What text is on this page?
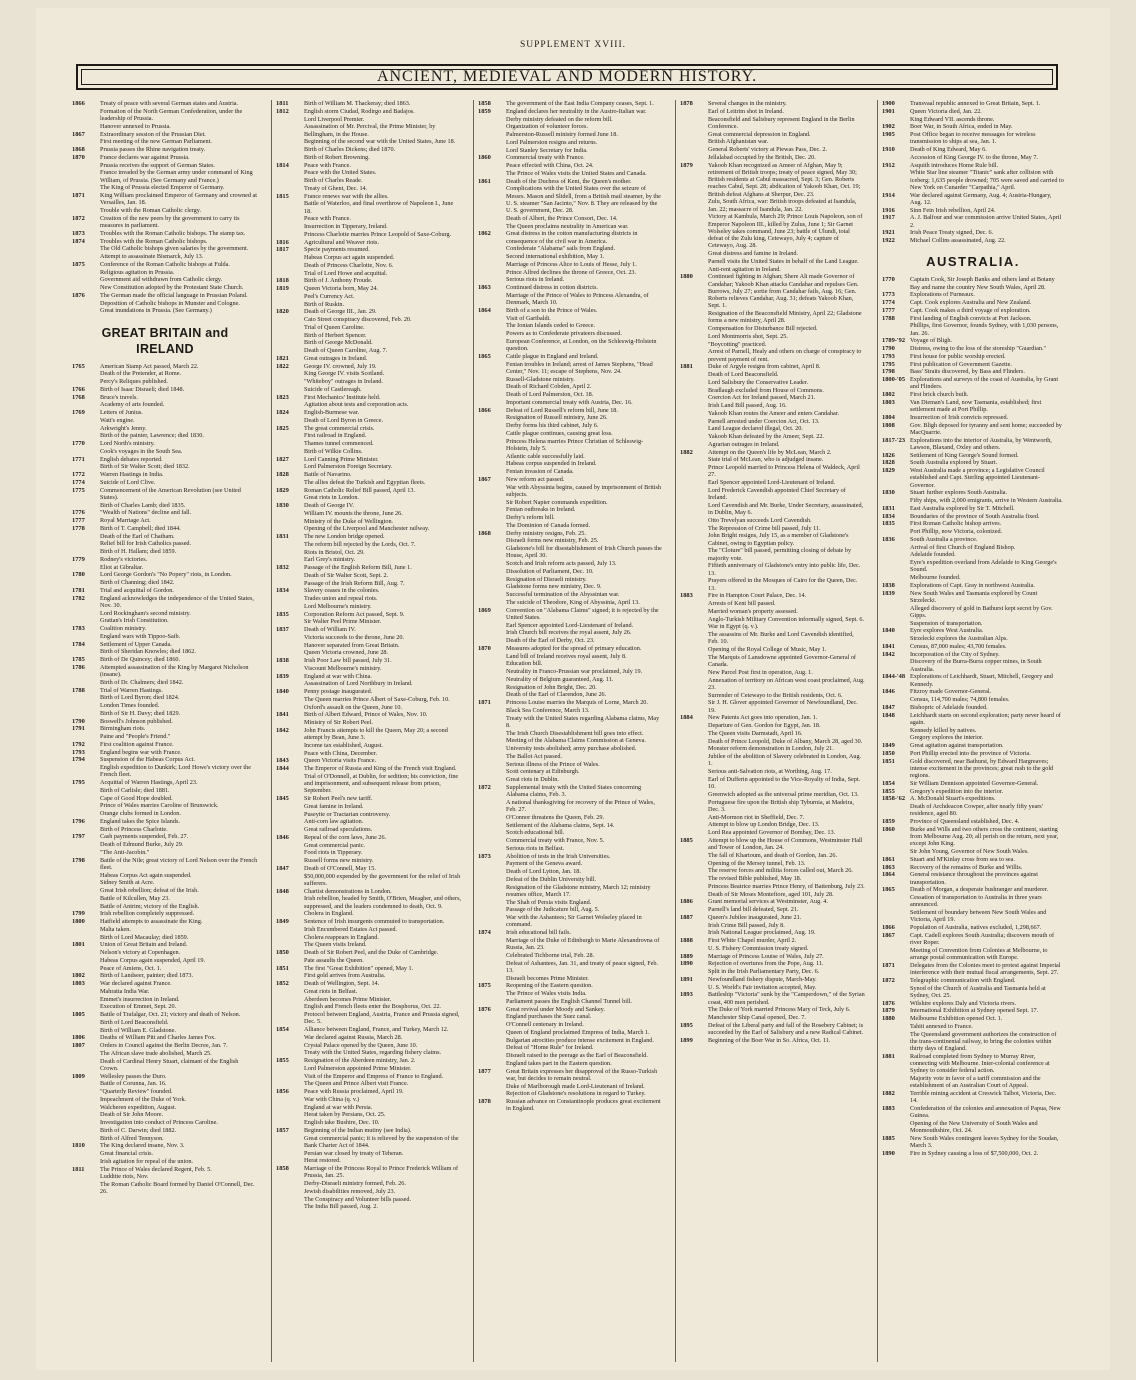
SUPPLEMENT XVIII.
ANCIENT, MEDIEVAL AND MODERN HISTORY.
1866	Treaty of peace with several German states and Austria.
Formation of the North German Confederation, under the leadership of Prussia.
Hanover annexed to Prussia.
1867	Extraordinary session of the Prussian Diet.
First meeting of the new German Parliament.
1868	Prussia passes the Rhine navigation treaty.
1870	France declares war against Prussia.
Prussia receives the support of German States.
France invaded by the German army under command of King William, of Prussia. (See Germany and France.)
The King of Prussia elected Emperor of Germany.
1871	King William proclaimed Emperor of Germany and crowned at Versailles, Jan. 18.
Trouble with the Roman Catholic clergy.
1872	Creation of the new peers by the government to carry its measures in parliament.
1873	Troubles with the Roman Catholic bishops. The stamp tax.
1874	Troubles with the Roman Catholic bishops.
The Old Catholic bishops given salaries by the government.
Attempt to assassinate Bismarck, July 13.
1875	Conference of the Roman Catholic bishops at Fulda.
Religious agitation in Prussia.
Government aid withdrawn from Catholic clergy.
New Constitution adopted by the Protestant State Church.
1876	The German made the official language in Prussian Poland.
Deposition of Catholic bishops in Munster and Cologne.
Great inundations in Prussia. (See Germany.)
GREAT BRITAIN and IRELAND
1765	American Stamp Act passed, March 22.
Death of the Pretender, at Rome.
Percy's Reliques published.
1766	Birth of Isaac Disraeli; died 1848.
1768	Bruce's travels.
Academy of arts founded.
1769	Letters of Junius.
Watt's engine.
Arkwright's Jenny.
Birth of the painter, Lawrence; died 1830.
1770	Lord North's ministry.
Cook's voyages in the South Sea.
1771	English debates reported.
Birth of Sir Walter Scott; died 1832.
1772	Warren Hastings in India.
1774	Suicide of Lord Clive.
1775	Commencement of the American Revolution (see United States).
Birth of Charles Lamb; died 1835.
1776	"Wealth of Nations" decline and fall.
1777	Royal Marriage Act.
1778	Birth of T. Campbell; died 1844.
Death of the Earl of Chatham.
Relief bill for Irish Catholics passed.
Birth of H. Hallam; died 1859.
1779	Rodney's victories.
Eliot at Gibraltar.
1780	Lord George Gordon's "No Popery" riots, in London.
Birth of Channing; died 1842.
1781	Trial and acquittal of Gordon.
1782	England acknowledges the independence of the United States, Nov. 30.
Lord Rockingham's second ministry.
Grattan's Irish Constitution.
1783	Coalition ministry.
England wars with Tippoo-Saib.
1784	Settlement of Upper Canada.
Birth of Sheridan Knowles; died 1862.
1785	Birth of De Quincey; died 1860.
1786	Attempted assassination of the King by Margaret Nicholson (insane).
Birth of Dr. Chalmers; died 1842.
1788	Trial of Warren Hastings.
Birth of Lord Byron; died 1824.
London Times founded.
Birth of Sir H. Davy; died 1829.
1790	Boswell's Johnson published.
1791	Birmingham riots.
Paine and "People's Friend."
1792	First coalition against France.
1793	England begins war with France.
1794	Suspension of the Habeas Corpus Act.
English expedition to Dunkirk; Lord Howe's victory over the French fleet.
1795	Acquittal of Warren Hastings, April 23.
Birth of Carlisle; died 1881.
Cape of Good Hope doubled.
Prince of Wales marries Caroline of Brunswick.
Orange clubs formed in London.
1796	England takes the Spice Islands.
Birth of Princess Charlotte.
1797	Cash payments suspended, Feb. 27.
Death of Edmund Burke, July 29.
"The Anti-Jacobin."
1798	Battle of the Nile; great victory of Lord Nelson over the French fleet.
Habeas Corpus Act again suspended.
Sidney Smith at Acre.
Great Irish rebellion; defeat of the Irish.
Battle of Kilcullen, May 23.
Battle of Antrim; victory of the English.
1799	Irish rebellion completely suppressed.
1800	Hatfield attempts to assassinate the King.
Malta taken.
Birth of Lord Macaulay; died 1859.
1801	Union of Great Britain and Ireland.
Nelson's victory at Copenhagen.
Habeas Corpus again suspended, April 19.
Peace of Amiens, Oct. 1.
1802	Birth of Landseer, painter; died 1873.
1803	War declared against France.
Mahratta India War.
Emmet's insurrection in Ireland.
Execution of Emmet, Sept. 20.
1805	Battle of Trafalgar, Oct. 21; victory and death of Nelson.
Birth of Lord Beaconsfield.
Birth of William E. Gladstone.
1806	Deaths of William Pitt and Charles James Fox.
1807	Orders in Council against the Berlin Decree, Jan. 7.
The African slave trade abolished, March 25.
Death of Cardinal Henry Stuart, claimant of the English Crown.
1809	Wellesley passes the Duro.
Battle of Corunna, Jan. 16.
"Quarterly Review" founded.
Impeachment of the Duke of York.
Walcheren expedition, August.
Death of Sir John Moore.
Investigation into conduct of Princess Caroline.
Birth of C. Darwin; died 1882.
Birth of Alfred Tennyson.
1810	The King declared insane, Nov. 3.
Great financial crisis.
Irish agitation for repeal of the union.
1811	The Prince of Wales declared Regent, Feb. 5.
Ludditte riots, Nov.
The Roman Catholic Board formed by Daniel O'Connell, Dec. 26.
1811	Birth of William M. Thackeray; died 1863.
1812	English storm Ciudad, Rodirgo and Badajos.
Lord Liverpool Premier.
Assassination of Mr. Percival, the Prime Minister, by Bellingham, in the House.
Beginning of the second war with the United States, June 18.
Birth of Charles Dickens; died 1870.
Birth of Robert Browning.
1814	Peace with France.
Peace with the United States.
Birth of Charles Reade.
Treaty of Ghent, Dec. 14.
1815	France renews war with the allies.
Battle of Waterloo, and final overthrow of Napoleon I., June 18.
Peace with France.
Insurrection in Tipperary, Ireland.
Princess Charlotte marries Prince Leopold of Saxe-Coburg.
1816	Agricultural and Weaver riots.
1817	Specie payments resumed.
Habeas Corpus act again suspended.
Death of Princess Charlotte, Nov. 6.
Trial of Lord Howe and acquittal.
1818	Birth of J. Anthony Froude.
1819	Queen Victoria born, May 24.
Peel's Currency Act.
Birth of Ruskin.
1820	Death of George III., Jan. 29.
Cato Street conspiracy discovered, Feb. 20.
Trial of Queen Caroline.
Birth of Herbert Spencer.
Birth of George McDonald.
Death of Queen Caroline, Aug. 7.
1821	Great outrages in Ireland.
1822	George IV. crowned, July 19.
King George IV. visits Scotland.
"Whiteboy" outrages in Ireland.
Suicide of Castlereagh.
1823	First Mechanics' Institute held.
Agitation about tests and corporation acts.
1824	English-Burmese war.
Death of Lord Byron in Greece.
1825	The great commercial crisis.
First railroad in England.
Thames tunnel commenced.
Birth of Wilkie Collins.
1827	Lord Canning Prime Minister.
Lord Palmerston Foreign Secretary.
1828	Battle of Navarino.
The allies defeat the Turkish and Egyptian fleets.
1829	Roman Catholic Relief Bill passed, April 13.
Great riots in London.
1830	Death of George IV.
William IV. mounts the throne, June 26.
Ministry of the Duke of Wellington.
Opening of the Liverpool and Manchester railway.
1831	The new London bridge opened.
The reform bill rejected by the Lords, Oct. 7.
Riots in Bristol, Oct. 29.
Earl Grey's ministry.
1832	Passage of the English Reform Bill, June 1.
Death of Sir Walter Scott, Sept. 2.
Passage of the Irish Reform Bill, Aug. 7.
1834	Slavery ceases in the colonies.
Trades union and repeal riots.
Lord Melbourne's ministry.
1835	Corporation Reform Act passed, Sept. 9.
Sir Walter Peel Prime Minister.
1837	Death of William IV.
Victoria succeeds to the throne, June 20.
Hanover separated from Great Britain.
Queen Victoria crowned, June 28.
1838	Irish Poor Law bill passed, July 31.
Viscount Melbourne's ministry.
1839	England at war with China.
Assassination of Lord Northbury in Ireland.
1840	Penny postage inaugurated.
The Queen marries Prince Albert of Saxe-Coburg, Feb. 10.
Oxford's assault on the Queen, June 10.
1841	Birth of Albert Edward, Prince of Wales, Nov. 10.
Ministry of Sir Robert Peel.
1842	John Francis attempts to kill the Queen, May 20; a second attempt by Bean, June 3.
Income tax established, August.
Peace with China, December.
1843	Queen Victoria visits France.
1844	The Emperor of Russia and King of the French visit England.
Trial of O'Donnell, at Dublin, for sedition; his conviction, fine and imprisonment, and subsequent release from prison, September.
1845	Sir Robert Peel's new tariff.
Great famine in Ireland.
Puseyite or Tractarian controversy.
Anti-corn law agitation.
Great railroad speculations.
1846	Repeal of the corn laws, June 26.
Great commercial panic.
Food riots in Tipperary.
Russell forms new ministry.
1847	Death of O'Connell, May 15.
$50,000,000 expended by the government for the relief of Irish sufferers.
1848	Chartist demonstrations in London.
Irish rebellion, headed by Smith, O'Brien, Meagher, and others, suppressed, and the leaders condemned to death, Oct. 9.
Cholera in England.
1849	Sentence of Irish insurgents commuted to transportation.
Irish Encumbered Estates Act passed.
Cholera reappears in England.
The Queen visits Ireland.
1850	Death of Sir Robert Peel, and the Duke of Cambridge.
Pate assaults the Queen.
1851	The first "Great Exhibition" opened, May 1.
First gold arrives from Australia.
1852	Death of Wellington, Sept. 14.
Great riots in Belfast.
Aberdeen becomes Prime Minister.
English and French fleets enter the Bosphorus, Oct. 22.
Protocol between England, Austria, France and Prussia signed, Dec. 5.
1854	Alliance between England, France, and Turkey, March 12.
War declared against Russia, March 28.
Crystal Palace opened by the Queen, June 10.
Treaty with the United States, regarding fishery claims.
1855	Resignation of the Aberdeen ministry, Jan. 2.
Lord Palmerston appointed Prime Minister.
Visit of the Emperor and Empress of France to England.
The Queen and Prince Albert visit France.
1856	Peace with Russia proclaimed, April 19.
War with China (q. v.)
England at war with Persia.
Herat taken by Persians, Oct. 25.
English take Bushire, Dec. 10.
1857	Beginning of the Indian mutiny (see India).
Great commercial panic; it is relieved by the suspension of the Bank Charter Act of 1844.
Persian war closed by treaty of Teheran.
Herat restored.
1858	Marriage of the Princess Royal to Prince Frederick William of Prussia, Jan. 25.
Derby-Disraeli ministry formed, Feb. 26.
Jewish disabilities removed, July 23.
The Conspiracy and Volunteer bills passed.
The India Bill passed, Aug. 2.
1858	The government of the East India Company ceases, Sept. 1.
1859	England declares her neutrality in the Austro-Italian war.
Derby ministry defeated on the reform bill.
Organization of volunteer forces.
Palmerston-Russell ministry formed June 18.
Lord Palmerston resigns and returns.
Lord Stanley Secretary for India.
1860	Commercial treaty with France.
Peace effected with China, Oct. 24.
The Prince of Wales visits the United States and Canada.
1861	Death of the Duchess of Kent, the Queen's mother.
Complications with the United States over the seizure of Messrs. Mason and Slidell, from a British mail steamer, by the U. S. steamer "San Jacinto," Nov. 8. They are released by the U. S. government, Dec. 28.
Death of Albert, the Prince Consort, Dec. 14.
The Queen proclaims neutrality in American war.
1862	Great distress in the cotton manufacturing districts in consequence of the civil war in America.
Confederate "Alabama" sails from England.
Second international exhibition, May 1.
Marriage of Princess Alice to Louis of Hesse, July 1.
Prince Alfred declines the throne of Greece, Oct. 23.
Serious riots in Ireland.
1863	Continued distress in cotton districts.
Marriage of the Prince of Wales to Princess Alexandra, of Denmark, March 10.
1864	Birth of a son to the Prince of Wales.
Visit of Garibaldi.
The Ionian Islands ceded to Greece.
Powers as to Confederate privateers discussed.
European Conference, at London, on the Schleswig-Holstein question.
1865	Cattle plague in England and Ireland.
Fenian troubles in Ireland; arrest of James Stephens, "Head Center," Nov. 11; escape of Stephens, Nov. 24.
Russell-Gladstone ministry.
Death of Richard Cobden, April 2.
Death of Lord Palmerston, Oct. 18.
Important commercial treaty with Austria, Dec. 16.
1866	Defeat of Lord Russell's reform bill, June 18.
Resignation of Russell ministry, June 26.
Derby forms his third cabinet, July 6.
Cattle plague continues, causing great loss.
Princess Helena marries Prince Christian of Schleswig-Holstein, July 5.
Atlantic cable successfully laid.
Habeas corpus suspended in Ireland.
Fenian invasion of Canada.
1867	New reform act passed.
War with Abyssinia begins, caused by imprisonment of British subjects.
Sir Robert Napier commands expedition.
Fenian outbreaks in Ireland.
Derby's reform bill.
The Dominion of Canada formed.
1868	Derby ministry resigns, Feb. 25.
Disraeli forms new ministry, Feb. 25.
Gladstone's bill for disestablishment of Irish Church passes the House, April 30.
Scotch and Irish reform acts passed, July 13.
Dissolution of Parliament, Dec. 10.
Resignation of Disraeli ministry.
Gladstone forms new ministry, Dec. 9.
Successful termination of the Abyssinian war.
The suicide of Theodore, King of Abyssinia, April 13.
1869	Convention on "Alabama Claims" signed; it is rejected by the United States.
Earl Spencer appointed Lord-Lieutenant of Ireland.
Irish Church bill receives the royal assent, July 26.
Death of the Earl of Derby, Oct. 23.
1870	Measures adopted for the spread of primary education.
Land bill of Ireland receives royal assent, July 8.
Education bill.
Neutrality in Franco-Prussian war proclaimed, July 19.
Neutrality of Belgium guaranteed, Aug. 11.
Resignation of John Bright, Dec. 20.
Death of the Earl of Clarendon, June 26.
1871	Princess Louise marries the Marquis of Lorne, March 20.
Black Sea Conference, March 13.
Treaty with the United States regarding Alabama claims, May 8.
The Irish Church Disestablishment bill goes into effect.
Meeting of the Alabama Claims Commission at Geneva.
University tests abolished; army purchase abolished.
The Ballot Act passed.
Serious illness of the Prince of Wales.
Scott centenary at Edinburgh.
Great riots in Dublin.
1872	Supplemental treaty with the United States concerning Alabama claims, Feb. 3.
A national thanksgiving for recovery of the Prince of Wales, Feb. 27.
O'Connor threatens the Queen, Feb. 29.
Settlement of the Alabama claims, Sept. 14.
Scotch educational bill.
Commercial treaty with France, Nov. 5.
Serious riots in Belfast.
1873	Abolition of tests in the Irish Universities.
Payment of the Geneva award.
Death of Lord Lytton, Jan. 18.
Defeat of the Dublin University bill.
Resignation of the Gladstone ministry, March 12; ministry resumes office, March 17.
The Shah of Persia visits England.
Passage of the Judicature bill, Aug. 5.
War with the Ashantees; Sir Garnet Wolseley placed in command.
1874	Irish educational bill fails.
Marriage of the Duke of Edinburgh to Marie Alexandrovna of Russia, Jan. 23.
Celebrated Tichborne trial, Feb. 28.
Defeat of Ashantees, Jan. 31, and treaty of peace signed, Feb. 13.
Disraeli becomes Prime Minister.
1875	Reopening of the Eastern question.
The Prince of Wales visits India.
Parliament passes the English Channel Tunnel bill.
1876	Great revival under Moody and Sankey.
England purchases the Suez canal.
O'Connell centenary in Ireland.
Queen of England proclaimed Empress of India, March 1.
Bulgarian atrocities produce intense excitement in England.
Defeat of "Home Rule" for Ireland.
Disraeli raised to the peerage as the Earl of Beaconsfield.
England takes part in the Eastern question.
1877	Great Britain expresses her disapproval of the Russo-Turkish war, but decides to remain neutral.
Duke of Marlborough made Lord-Lieutenant of Ireland.
Rejection of Gladstone's resolutions in regard to Turkey.
1878	Russian advance on Constantinople produces great excitement in England.
1878	Several changes in the ministry.
Earl of Leitrim shot in Ireland.
Beaconsfield and Salisbury represent England in the Berlin Conference.
Great commercial depression in England.
British Afghanistan war.
General Roberts' victory at Piewas Pass, Dec. 2.
Jellalabad occupied by the British, Dec. 20.
1879	Yakoob Khan recognized as Ameer of Afghan, May 9; retirement of British troops; treaty of peace signed, May 30; British residents at Cabul massacred, Sept. 3; Gen. Roberts reaches Cabul, Sept. 28; abdication of Yakoob Khan, Oct. 19; British defeat Afghans at Sherpur, Dec. 23.
Zulu, South Africa, war: British troops defeated at Isandula, Jan. 22; massacre of Isandula, Jan. 22.
Victory at Kambula, March 29; Prince Louis Napoleon, son of Emperor Napoleon III., killed by Zulus, June 1; Sir Garnet Wolseley takes command, June 23; battle of Ulundi, total defeat of the Zulu king, Cetewayo, July 4; capture of Cetewayo, Aug. 28.
Great distress and famine in Ireland.
Parnell visits the United States in behalf of the Land League.
Anti-rent agitation in Ireland.
1880	Continued fighting in Afghan; Shere Ali made Governor of Candahar; Yakoob Khan attacks Candahar and repulses Gen. Burrows, July 27; sortie from Candahar fails, Aug. 16; Gen. Roberts relieves Candahar, Aug. 31; defeats Yakoob Khan, Sept. 1.
Resignation of the Beaconsfield Ministry, April 22; Gladstone forms a new ministry, April 28.
Compensation for Disturbance Bill rejected.
Lord Montmorris shot, Sept. 25.
"Boycotting" practiced.
Arrest of Parnell, Healy and others on charge of conspiracy to prevent payment of rent.
1881	Duke of Argyle resigns from cabinet, April 8.
Death of Lord Beaconsfield.
Lord Salisbury the Conservative Leader.
Bradlaugh excluded from House of Commons.
Coercion Act for Ireland passed, March 21.
Irish Land Bill passed, Aug. 16.
Yakoob Khan routes the Ameer and enters Candahar.
Parnell arrested under Coercion Act, Oct. 13.
Land League declared illegal, Oct. 20.
Yakoob Khan defeated by the Ameer, Sept. 22.
Agrarian outrages in Ireland.
1882	Attempt on the Queen's life by McLean, March 2.
State trial of McLean, who is adjudged insane.
Prince Leopold married to Princess Helena of Waldeck, April 27.
Earl Spencer appointed Lord-Lieutenant of Ireland.
Lord Frederick Cavendish appointed Chief Secretary of Ireland.
Lord Cavendish and Mr. Burke, Under Secretary, assassinated, in Dublin, May 6.
Otto Trevelyan succeeds Lord Cavendish.
The Repression of Crime bill passed, July 11.
John Bright resigns, July 15, as a member of Gladstone's Cabinet, owing to Egyptian policy.
The "Cloture" bill passed, permitting closing of debate by majority vote.
Fiftieth anniversary of Gladstone's entry into public life, Dec. 13.
Prayers offered in the Mosques of Cairo for the Queen, Dec. 13.
1883	Fire in Hampton Court Palace, Dec. 14.
Arrests of Kent bill passed.
Married woman's property assessed.
Anglo-Turkish Military Convention informally signed, Sept. 6.
War in Egypt (q. v.).
The assassins of Mr. Burke and Lord Cavendish identified, Feb. 10.
Opening of the Royal College of Music, May 1.
The Marquis of Lansdowne appointed Governor-General of Canada.
New Parcel Post first in operation, Aug. 1.
Annexation of territory on African west coast proclaimed, Aug. 23.
Surrender of Cetewayo to the British residents, Oct. 6.
Sir J. H. Glover appointed Governor of Newfoundland, Dec. 19.
1884	New Patents Act goes into operation, Jan. 1.
Departure of Gen. Gordon for Egypt, Jan. 18.
The Queen visits Darmstadt, April 16.
Death of Prince Leopold, Duke of Albany, March 28, aged 30.
Monster reform demonstration in London, July 21.
Jubilee of the abolition of Slavery celebrated in London, Aug. 1.
Serious anti-Salvation riots, at Worthing, Aug. 17.
Earl of Dufferin appointed to the Vice-Royalty of India, Sept. 10.
Greenwich adopted as the universal prime meridian, Oct. 13.
Portuguese fire upon the British ship Tyburnia, at Madeira, Dec. 3.
Anti-Mormon riot in Sheffield, Dec. 7.
Attempt to blow up London Bridge, Dec. 13.
Lord Rea appointed Governor of Bombay, Dec. 13.
1885	Attempt to blow up the House of Commons, Westminster Hall and Tower of London, Jan. 24.
The fall of Khartoum, and death of Gordon, Jan. 26.
Opening of the Mersey tunnel, Feb. 13.
The reserve forces and militia forces called out, March 26.
The revised Bible published, May 18.
Princess Beatrice marries Prince Henry, of Battenburg, July 23.
Death of Sir Moses Montefiore, aged 101, July 28.
1886	Grant memorial services at Westminster, Aug. 4.
Parnell's land bill defeated, Sept. 21.
1887	Queen's Jubilee inaugurated, June 21.
Irish Crime Bill passed, July 8.
Irish National League proclaimed, Aug. 19.
1888	First White Chapel murder, April 2.
U. S. Fishery Commission treaty signed.
1889	Marriage of Princess Louise of Wales, July 27.
1890	Rejection of overtures from the Pope, Aug. 11.
Split in the Irish Parliamentary Party, Dec. 6.
1891	Newfoundland fishery dispute, March-May.
U. S. World's Fair invitation accepted, May.
1893	Battleship "Victoria" sunk by the "Camperdown," of the Syrian coast, 400 men perished.
The Duke of York married Princess Mary of Teck, July 6.
Manchester Ship Canal opened, Dec. 7.
1895	Defeat of the Liberal party and fall of the Rosebery Cabinet; is succeeded by the Earl of Salisbury and a new Radical Cabinet.
1899	Beginning of the Boer War in So. Africa, Oct. 11.
1900	Transvaal republic annexed to Great Britain, Sept. 1.
1901	Queen Victoria died, Jan. 22.
King Edward VII. ascends throne.
1902	Boer War, in South Africa, ended in May.
1905	Post Office began to receive messages for wireless transmission to ships at sea, Jan. 1.
1910	Death of King Edward, May 6.
Accession of King George IV. to the throne, May 7.
1912	Asquith introduces Home Rule bill.
White Star line steamer "Titanic" sank after collision with iceberg; 1,635 people drowned; 705 were saved and carried to New York on Cunarder "Carpathia," April.
1914	War declared against Germany, Aug. 4; Austria-Hungary, Aug. 12.
1916	Sinn Fein Irish rebellion, April 24.
1917	A. J. Balfour and war commission arrive United States, April 2.
1921	Irish Peace Treaty signed, Dec. 6.
1922	Michael Collins assassinated, Aug. 22.
AUSTRALIA.
1770	Captain Cook, Sir Joseph Banks and others land at Botany Bay and name the country New South Wales, April 28.
1773	Explorations of Furneaux.
1774	Capt. Cook explores Australia and New Zealand.
1777	Capt. Cook makes a third voyage of exploration.
1788	First landing of English convicts at Port Jackson.
Phillips, first Governor, founds Sydney, with 1,030 persons, Jan. 26.
1789-'92 Voyage of Bligh.
1790	Distress, owing to the loss of the storeship "Guardian."
1793	First house for public worship erected.
1795	First publication of Government Gazette.
1798	Bass' Straits discovered, by Bass and Flinders.
1800-'05 Explorations and surveys of the coast of Australia, by Grant and Flinders.
1802	First brick church built.
1803	Van Dieman's Land, now Tasmania, established; first settlement made at Port Phillip.
1804	Insurrection of Irish convicts repressed.
1808	Gov. Bligh deposed for tyranny and sent home; succeeded by MacQuarrie.
1817-'23 Explorations into the interior of Australia, by Wentworth, Lawson, Blaxand, Oxley and others.
1826	Settlement of King George's Sound formed.
1828	South Australia explored by Stuart.
1829	West Australia made a province; a Legislative Council established and Capt. Sterling appointed Lieutenant-Governor.
1830	Stuart further explores South Australia.
Fifty ships, with 2,000 emigrants, arrive in Western Australia.
1831	East Australia explored by Sir T. Mitchell.
1834	Boundaries of the province of South Australia fixed.
1835	First Roman Catholic bishop arrives.
Port Phillip, now Victoria, colonized.
1836	South Australia a province.
Arrival of first Church of England Bishop.
Adelaide founded.
Eyre's expedition overland from Adelaide to King George's Sound.
Melbourne founded.
1838	Explorations of Capt. Gray in northwest Australia.
1839	New South Wales and Tasmania explored by Count Strzelecki.
Alleged discovery of gold in Bathurst kept secret by Gov. Gipps.
Suspension of transportation.
1840	Eyre explores West Australia.
Strzelecki explores the Australian Alps.
1841	Census, 87,000 males; 43,700 females.
1842	Incorporation of the City of Sydney.
Discovery of the Burra-Burra copper mines, in South Australia.
1844-'48 Explorations of Leichhardt, Stuart, Mitchell, Gregory and Kennedy.
1846	Fitzroy made Governor-General.
Census, 114,700 males; 74,800 females.
1847	Bishopric of Adelaide founded.
1848	Leichhardt starts on second exploration; party never heard of again.
Kennedy killed by natives.
Gregory explores the interior.
1849	Great agitation against transportation.
1850	Port Phillip erected into the province of Victoria.
1851	Gold discovered, near Bathurst, by Edward Hargreaves; intense excitement in the provinces; great rush to the gold regions.
1854	Sir William Dennison appointed Governor-General.
1855	Gregory's expedition into the interior.
1858-'62 A. McDonald Stuart's expeditions.
Death of Archdeacon Cowper, after nearly fifty years' residence, aged 80.
1859	Province of Queensland established, Dec. 4.
1860	Burke and Wills and two others cross the continent, starting from Melbourne Aug. 20; all perish on the return, next year, except John King.
Sir John Young, Governor of New South Wales.
1861	Stuart and M'Kinlay cross from sea to sea.
1863	Recovery of the remains of Burke and Willis.
1864	General resistance throughout the provinces against transportation.
1865	Death of Morgan, a desperate bushranger and murderer.
Cessation of transportation to Australia in three years announced.
Settlement of boundary between New South Wales and Victoria, April 19.
1866	Population of Australia, natives excluded, 1,298,667.
1867	Capt. Cadell explores South Australia; discovers mouth of river Roper.
Meeting of Convention from Colonies at Melbourne, to arrange postal communication with Europe.
1871	Delegates from the Colonies meet to protest against Imperial interference with their mutual fiscal arrangements, Sept. 27.
1872	Telegraphic communication with England.
Synod of the Church of Australia and Tasmania held at Sydney, Oct. 25.
1876	Wilshire explores Daly and Victoria rivers.
1879	International Exhibition at Sydney opened Sept. 17.
1880	Melbourne Exhibition opened Oct. 1.
Tahiti annexed to France.
The Queensland government authorizes the construction of the trans-continental railway, to bring the colonies within thirty days of England.
1881	Railroad completed from Sydney to Murray River, connecting with Melbourne. Inter-colonial conference at Sydney to consider federal action.
Majority vote in favor of a tariff commission and the establishment of an Australian Court of Appeal.
1882	Terrible mining accident at Creswick Talbot, Victoria, Dec. 14.
1883	Confederation of the colonies and annexation of Papua, New Guinea.
Opening of the New University of South Wales and Monmouthshire, Oct. 24.
1885	New South Wales contingent leaves Sydney for the Soudan, March 3.
1890	Fire in Sydney causing a loss of $7,500,000, Oct. 2.
